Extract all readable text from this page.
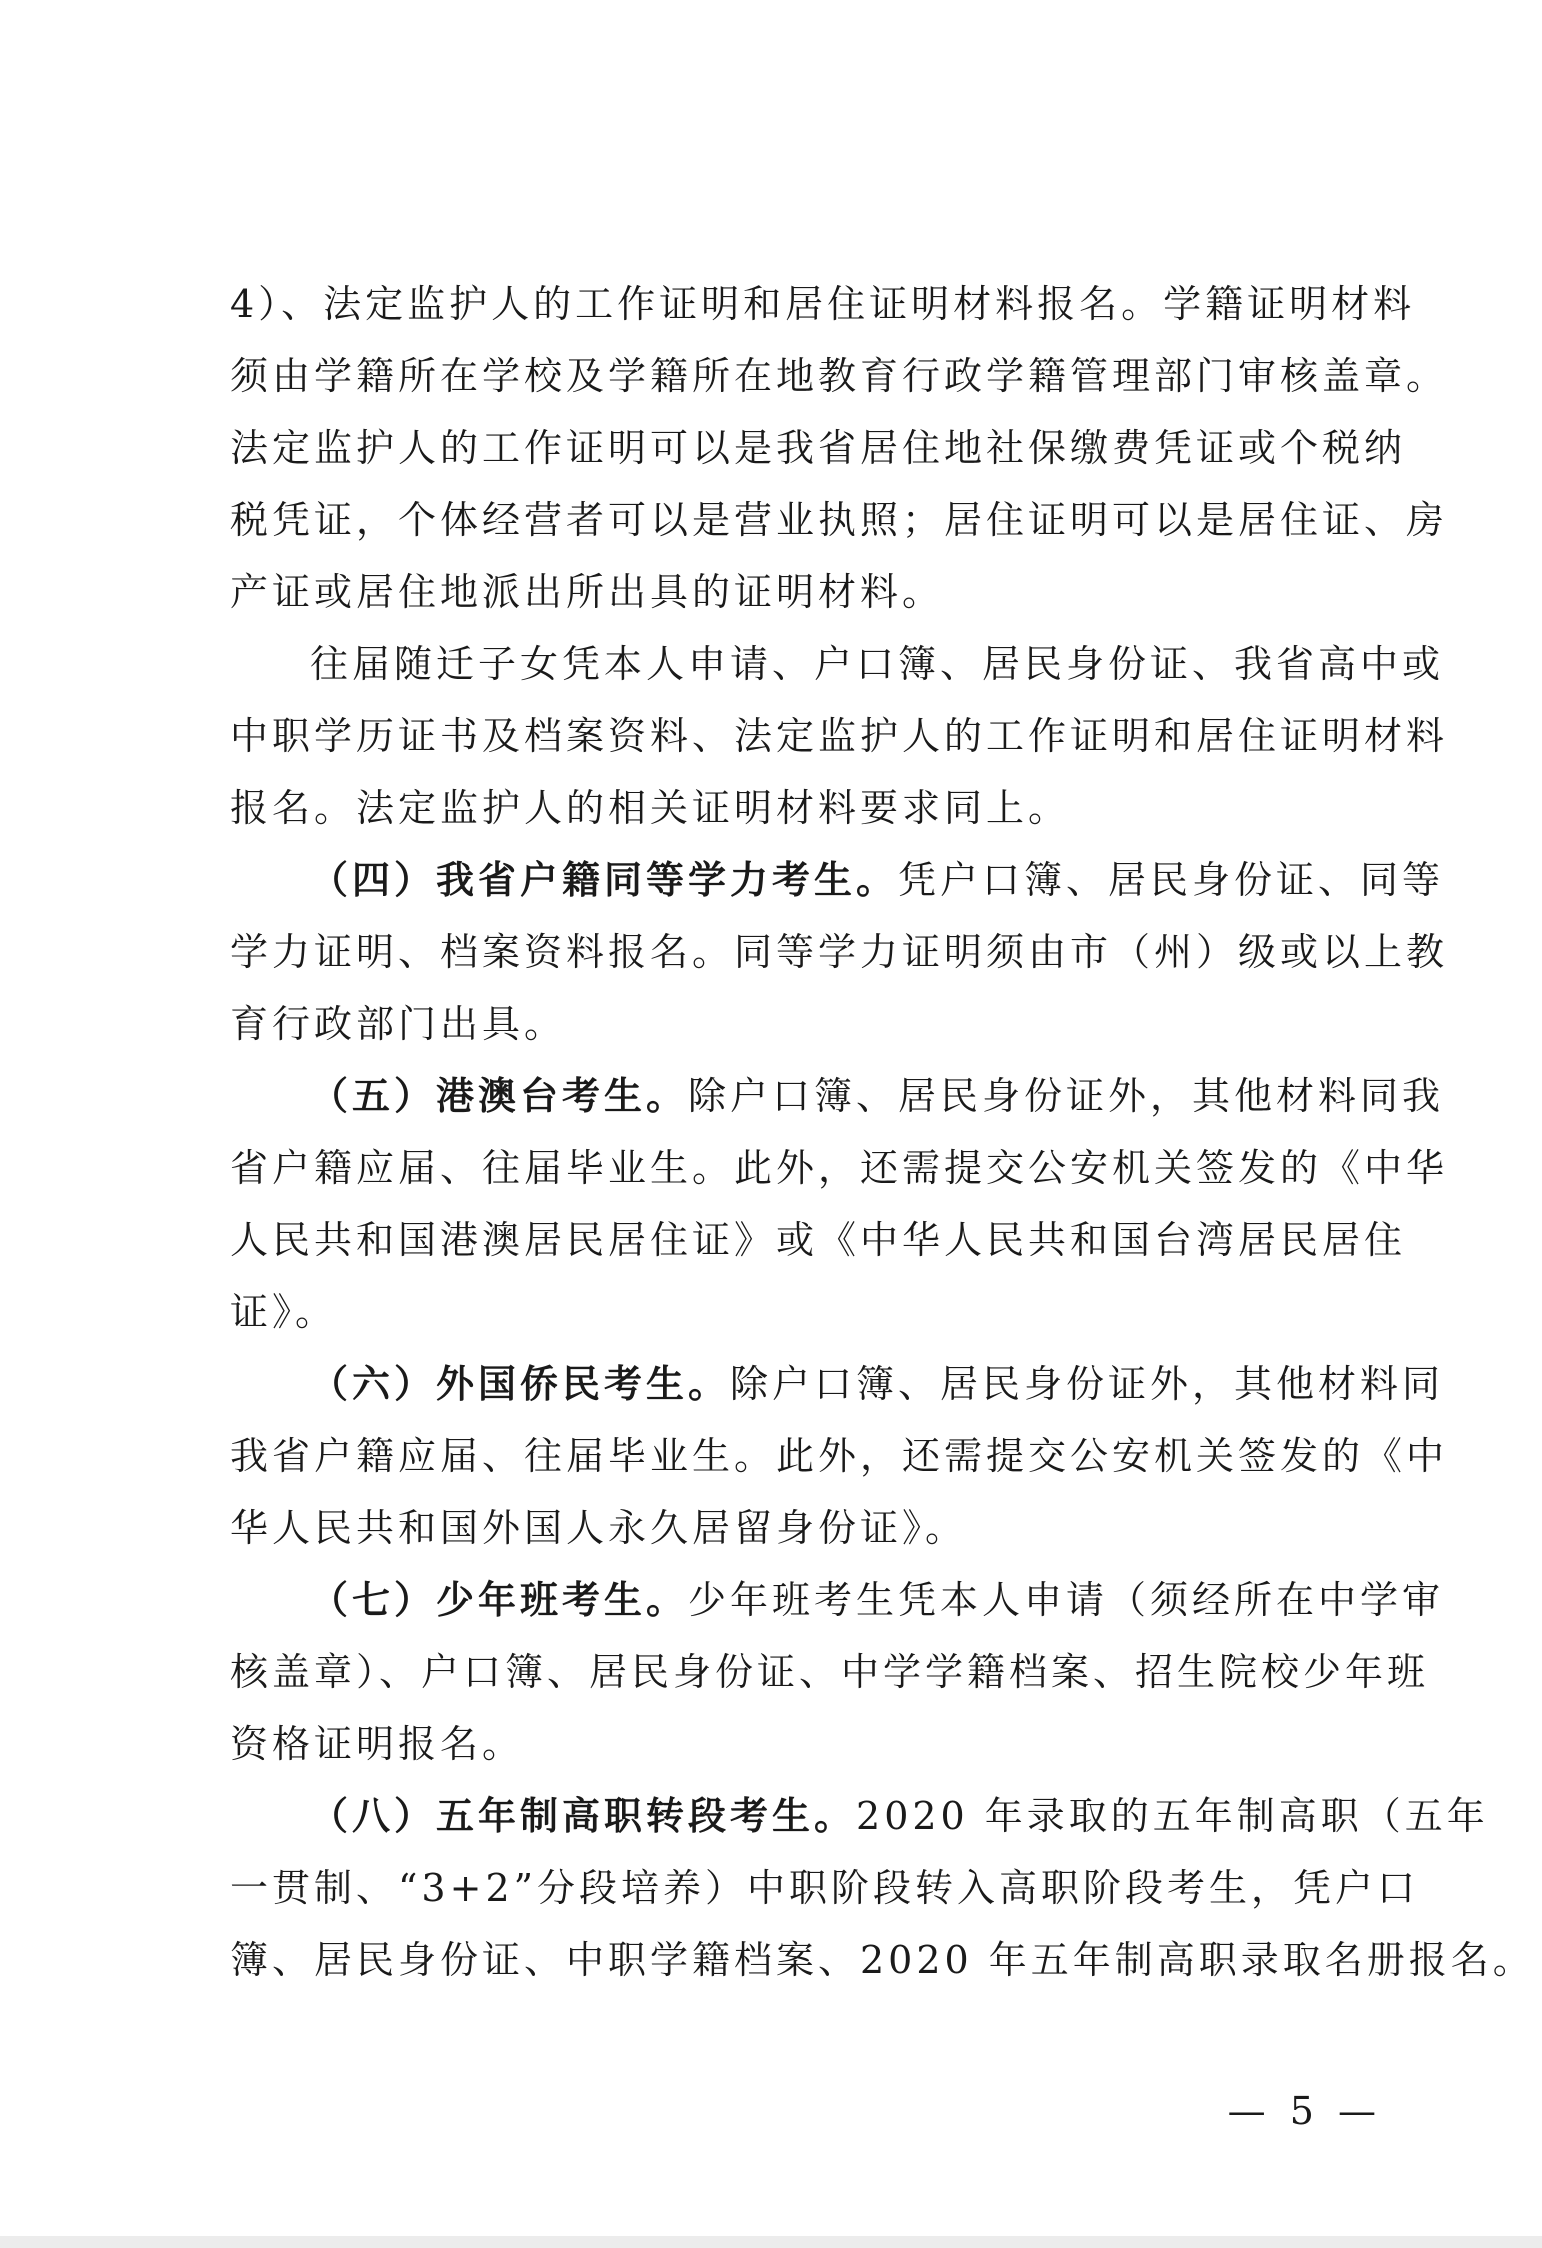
4）、法定监护人的工作证明和居住证明材料报名。学籍证明材料
须由学籍所在学校及学籍所在地教育行政学籍管理部门审核盖章。
法定监护人的工作证明可以是我省居住地社保缴费凭证或个税纳
税凭证，个体经营者可以是营业执照；居住证明可以是居住证、房
产证或居住地派出所出具的证明材料。
往届随迁子女凭本人申请、户口簿、居民身份证、我省高中或
中职学历证书及档案资料、法定监护人的工作证明和居住证明材料
报名。法定监护人的相关证明材料要求同上。
（四）我省户籍同等学力考生。凭户口簿、居民身份证、同等
学力证明、档案资料报名。同等学力证明须由市（州）级或以上教
育行政部门出具。
（五）港澳台考生。除户口簿、居民身份证外，其他材料同我
省户籍应届、往届毕业生。此外，还需提交公安机关签发的《中华
人民共和国港澳居民居住证》或《中华人民共和国台湾居民居住
证》。
（六）外国侨民考生。除户口簿、居民身份证外，其他材料同
我省户籍应届、往届毕业生。此外，还需提交公安机关签发的《中
华人民共和国外国人永久居留身份证》。
（七）少年班考生。少年班考生凭本人申请（须经所在中学审
核盖章）、户口簿、居民身份证、中学学籍档案、招生院校少年班
资格证明报名。
（八）五年制高职转段考生。2020 年录取的五年制高职（五年
一贯制、“3+2”分段培养）中职阶段转入高职阶段考生，凭户口
簿、居民身份证、中职学籍档案、2020 年五年制高职录取名册报名。
— 5 —
